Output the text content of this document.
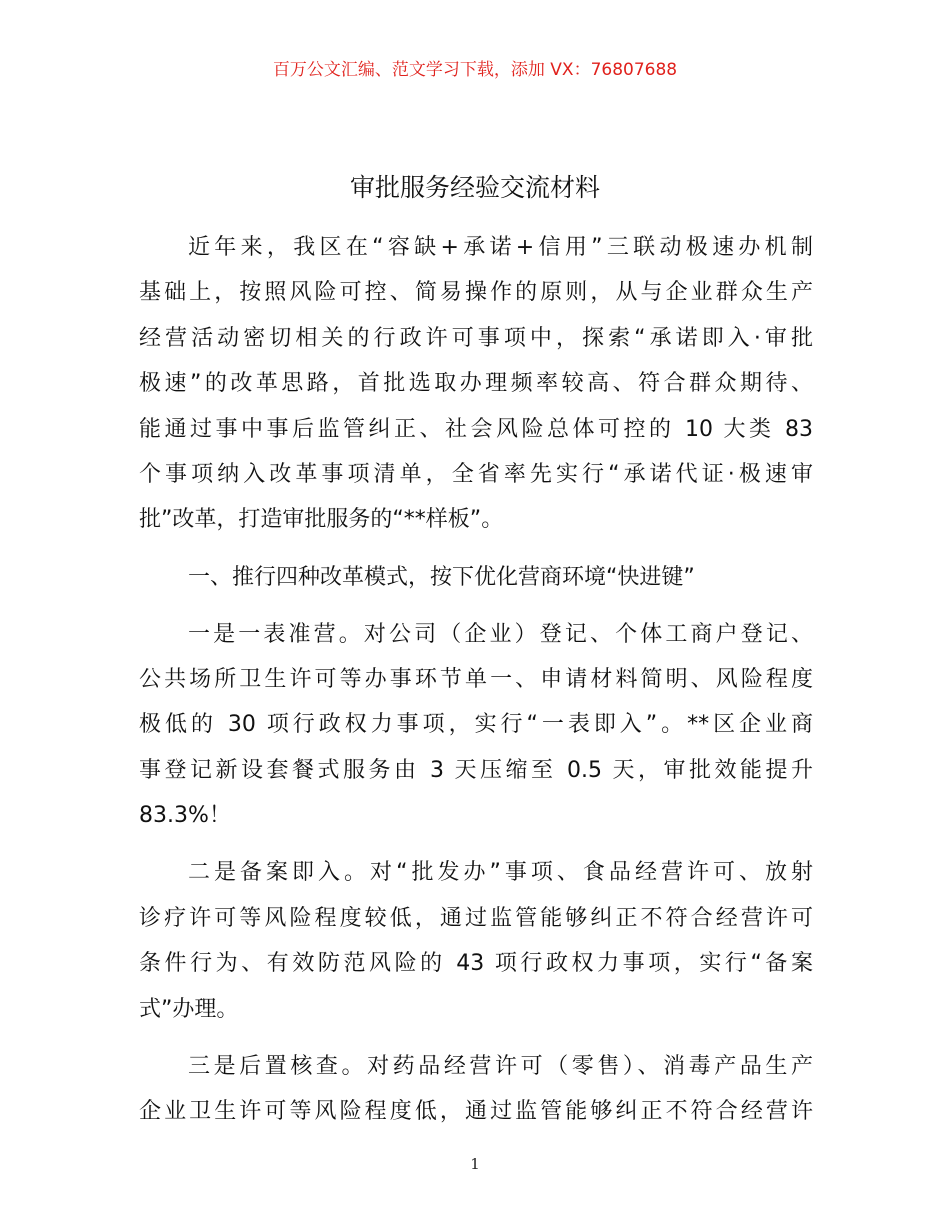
百万公文汇编、范文学习下载，添加 VX：76807688
审批服务经验交流材料

近年来，我区在“容缺+承诺+信用”三联动极速办机制
基础上，按照风险可控、简易操作的原则，从与企业群众生产
经营活动密切相关的行政许可事项中，探索“承诺即入·审批
极速”的改革思路，首批选取办理频率较高、符合群众期待、
能通过事中事后监管纠正、社会风险总体可控的 10 大类 83
个事项纳入改革事项清单，全省率先实行“承诺代证·极速审
批”改革，打造审批服务的“**样板”。

一、推行四种改革模式，按下优化营商环境“快进键”

一是一表准营。对公司（企业）登记、个体工商户登记、
公共场所卫生许可等办事环节单一、申请材料简明、风险程度
极低的 30 项行政权力事项，实行“一表即入”。**区企业商
事登记新设套餐式服务由 3 天压缩至 0.5 天，审批效能提升
83.3%！

二是备案即入。对“批发办”事项、食品经营许可、放射
诊疗许可等风险程度较低，通过监管能够纠正不符合经营许可
条件行为、有效防范风险的 43 项行政权力事项，实行“备案
式”办理。

三是后置核查。对药品经营许可（零售）、消毒产品生产
企业卫生许可等风险程度低，通过监管能够纠正不符合经营许

1
